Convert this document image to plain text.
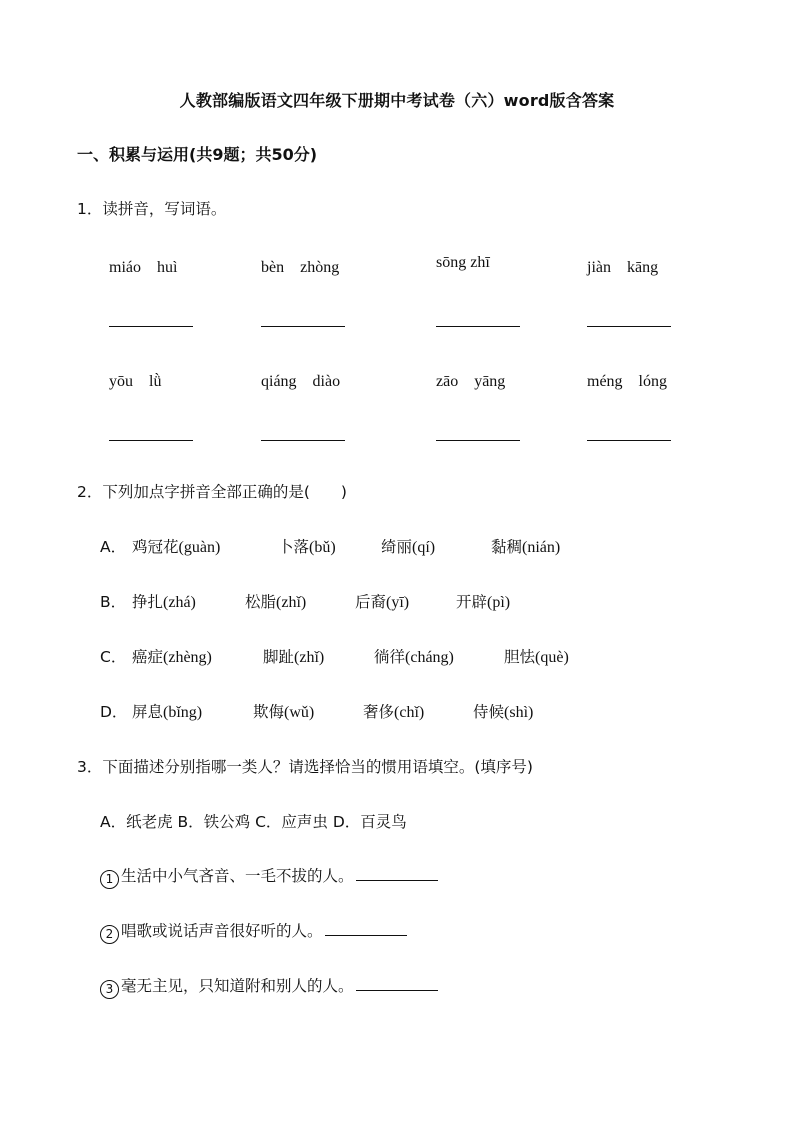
人教部编版语文四年级下册期中考试卷（六）word版含答案
一、积累与运用(共9题；共50分)
1．读拼音，写词语。
miáo　huì	bèn　zhòng	sōng zhī	jiàn　kāng
yōu　lǜ	qiáng　diào	zāo　yāng	méng　lóng
2．下列加点字拼音全部正确的是(　　)
A． 鸡冠花(guàn)	卜落(bǔ)	绮丽(qí)	黏稠(nián)
B． 挣扎(zhá)	松脂(zhǐ)	后裔(yī)	开辟(pì)
C． 癌症(zhèng)	脚趾(zhǐ)	徜徉(cháng)	胆怯(què)
D． 屏息(bǐng)	欺侮(wǔ)	奢侈(chǐ)	侍候(shì)
3．下面描述分别指哪一类人？请选择恰当的惯用语填空。(填序号)
A．纸老虎 B．铁公鸡 C．应声虫 D．百灵鸟
1 生活中小气吝音、一毛不拔的人。
2 唱歌或说话声音很好听的人。
3 毫无主见，只知道附和别人的人。
